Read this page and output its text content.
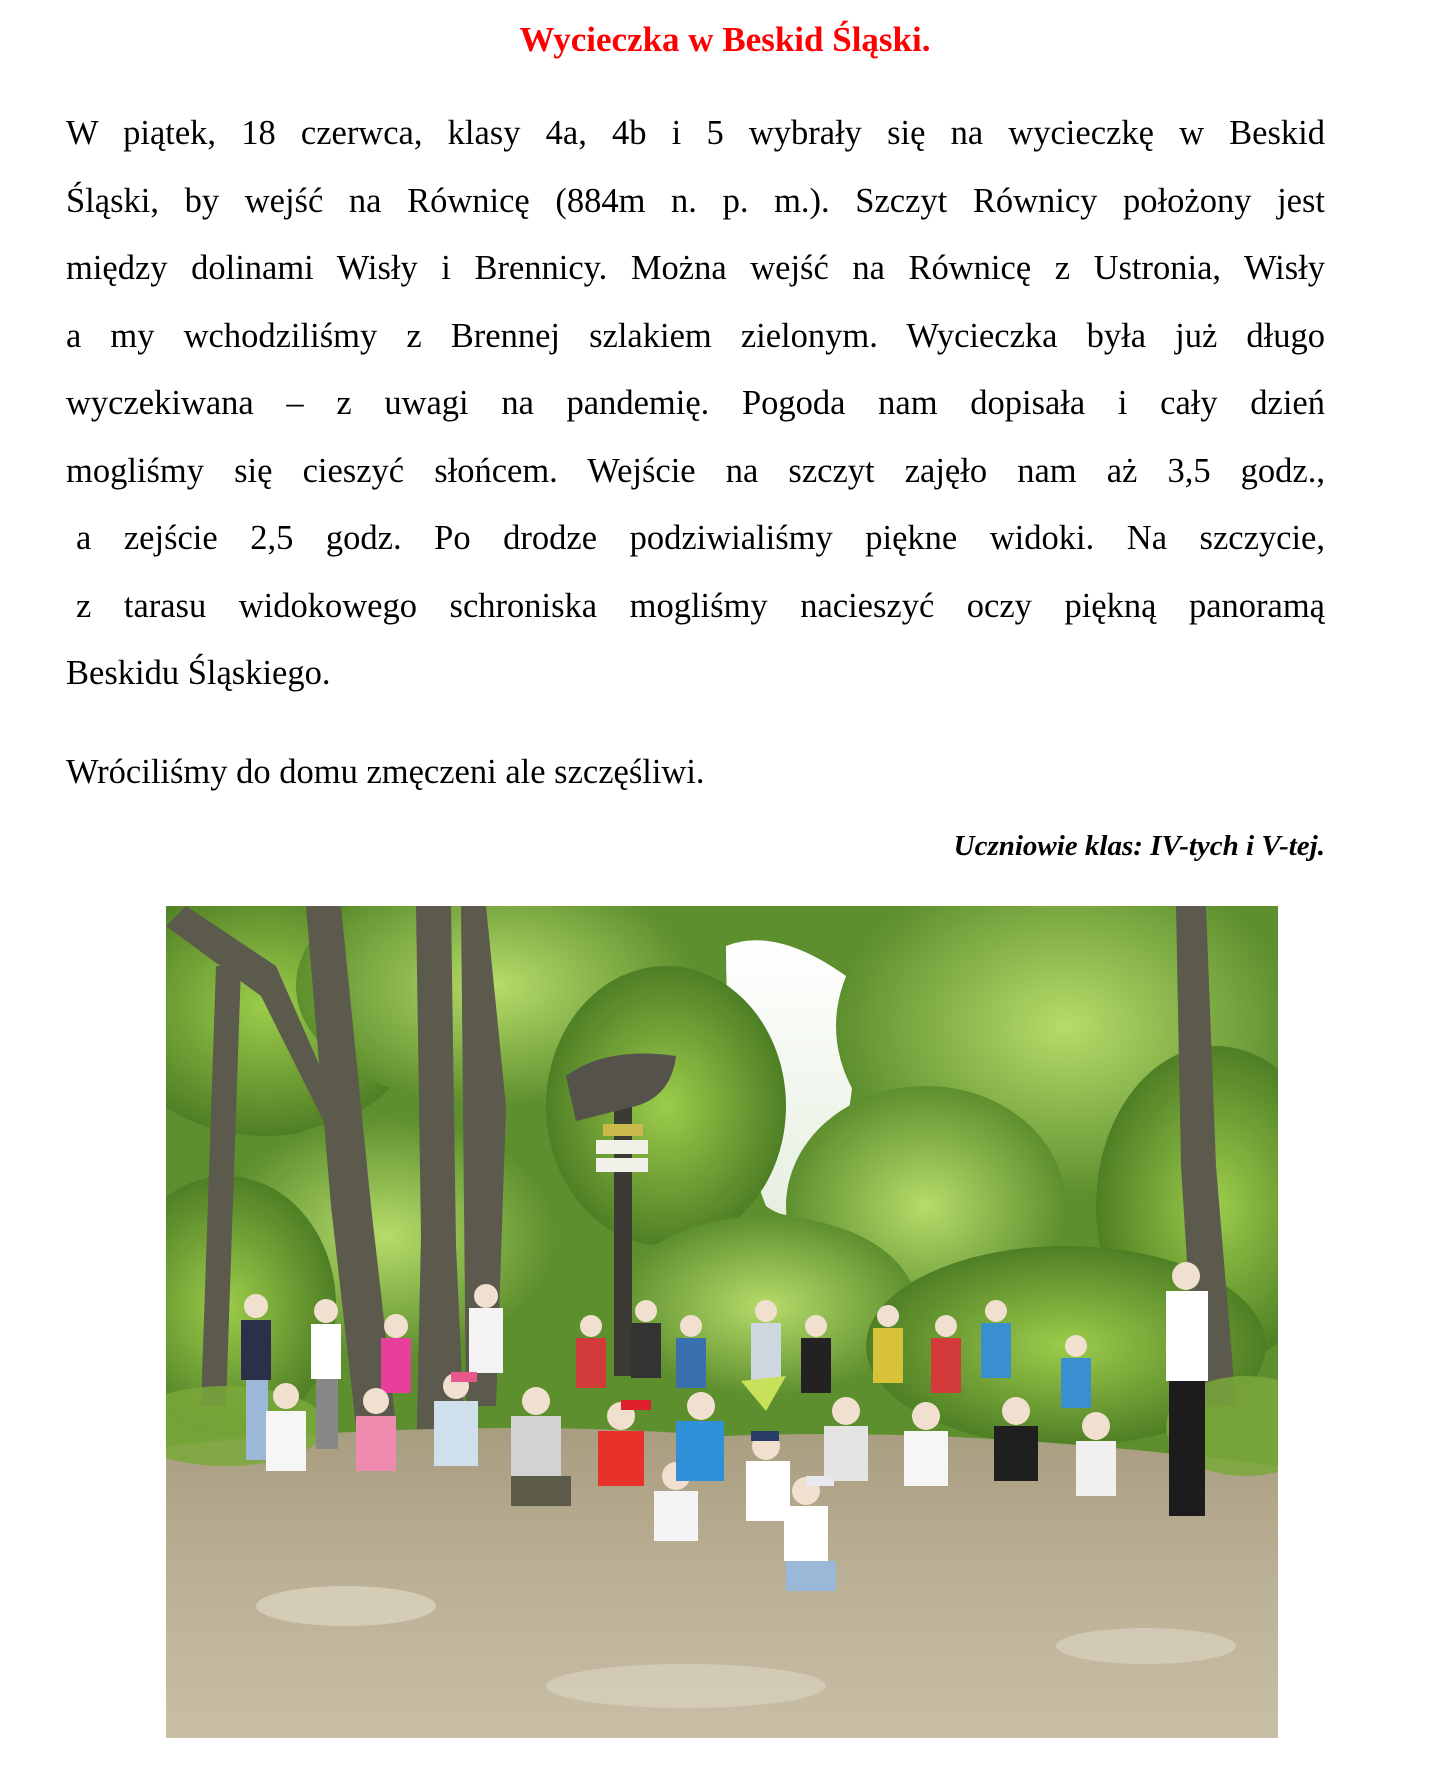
Wycieczka w Beskid Śląski.
W piątek, 18 czerwca, klasy 4a, 4b i 5 wybrały się na wycieczkę w Beskid
Śląski, by wejść na Równicę (884m n. p. m.). Szczyt Równicy położony jest
między dolinami Wisły i Brennicy. Można wejść na Równicę z Ustronia, Wisły
a my wchodziliśmy z Brennej szlakiem zielonym. Wycieczka była już długo
wyczekiwana – z uwagi na pandemię. Pogoda nam dopisała i cały dzień
mogliśmy się cieszyć słońcem. Wejście na szczyt zajęło nam aż 3,5 godz.,
a zejście 2,5 godz. Po drodze podziwialiśmy piękne widoki. Na szczycie,
z tarasu widokowego schroniska mogliśmy nacieszyć oczy piękną panoramą
Beskidu Śląskiego.
Wróciliśmy do domu zmęczeni ale szczęśliwi.
Uczniowie klas: IV-tych i V-tej.
